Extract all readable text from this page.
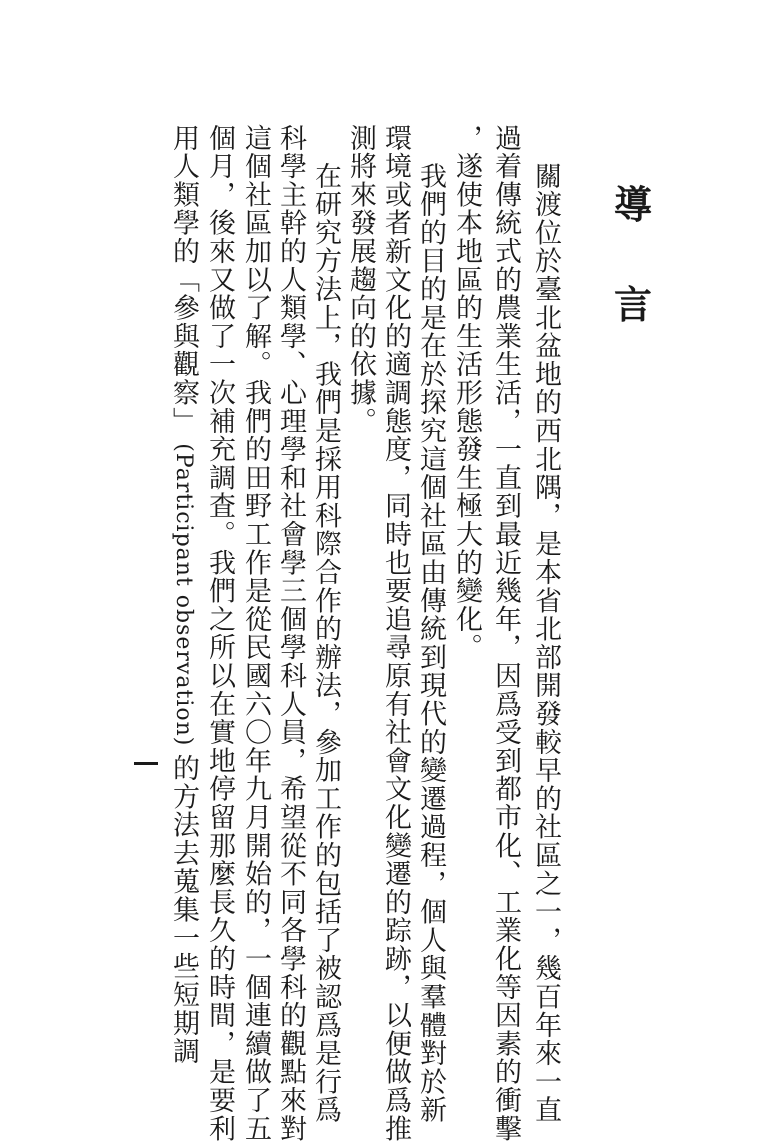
導
言
關渡位於臺北盆地的西北隅，是本省北部開發較早的社區之一，幾百年來一直
過着傳統式的農業生活，一直到最近幾年，因爲受到都市化、工業化等因素的衝擊
，遂使本地區的生活形態發生極大的變化。
我們的目的是在於探究這個社區由傳統到現代的變遷過程，個人與羣體對於新
環境或者新文化的適調態度，同時也要追尋原有社會文化變遷的踪跡，以便做爲推
測將來發展趨向的依據。
在研究方法上，我們是採用科際合作的辦法，參加工作的包括了被認爲是行爲
科學主幹的人類學、心理學和社會學三個學科人員，希望從不同各學科的觀點來對
這個社區加以了解。我們的田野工作是從民國六〇年九月開始的，一個連續做了五
個月，後來又做了一次補充調査。我們之所以在實地停留那麼長久的時間，是要利
用人類學的「參與觀察」 (Participant observation) 的方法去蒐集一些短期調
